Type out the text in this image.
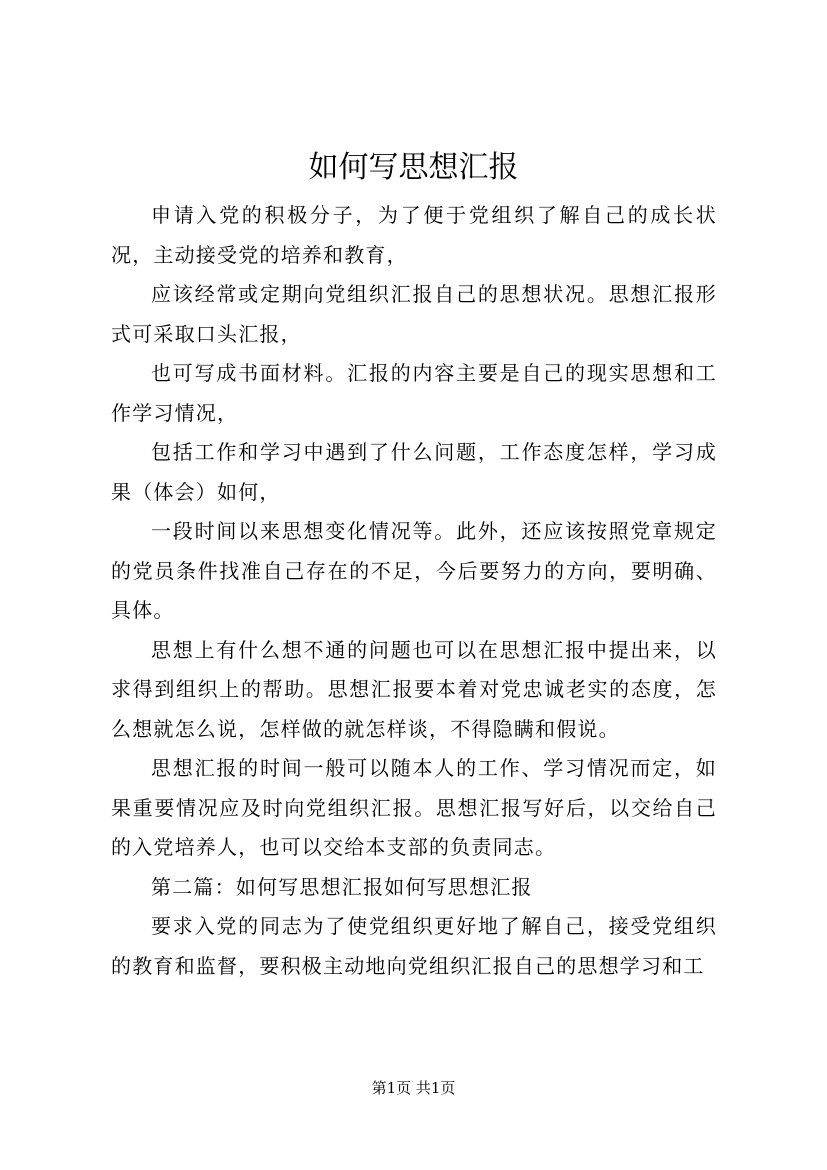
如何写思想汇报

申请入党的积极分子，为了便于党组织了解自己的成长状况，主动接受党的培养和教育，

应该经常或定期向党组织汇报自己的思想状况。思想汇报形式可采取口头汇报，

也可写成书面材料。汇报的内容主要是自己的现实思想和工作学习情况，

包括工作和学习中遇到了什么问题，工作态度怎样，学习成果（体会）如何，

一段时间以来思想变化情况等。此外，还应该按照党章规定的党员条件找准自己存在的不足，今后要努力的方向，要明确、具体。

思想上有什么想不通的问题也可以在思想汇报中提出来，以求得到组织上的帮助。思想汇报要本着对党忠诚老实的态度，怎么想就怎么说，怎样做的就怎样谈，不得隐瞒和假说。

思想汇报的时间一般可以随本人的工作、学习情况而定，如果重要情况应及时向党组织汇报。思想汇报写好后，以交给自己的入党培养人，也可以交给本支部的负责同志。

第二篇：如何写思想汇报如何写思想汇报

要求入党的同志为了使党组织更好地了解自己，接受党组织的教育和监督，要积极主动地向党组织汇报自己的思想学习和工

第1页 共1页
